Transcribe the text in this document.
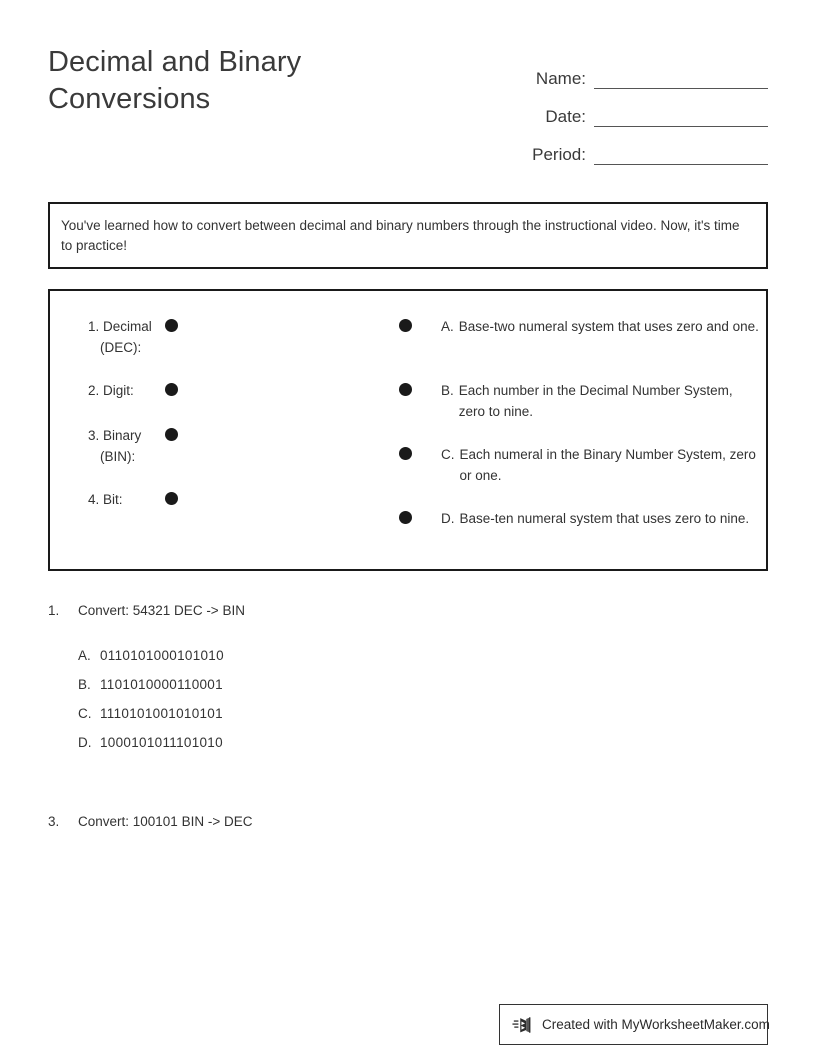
Decimal and Binary
Conversions
Name:
Date:
Period:
You've learned how to convert between decimal and binary numbers through the instructional video. Now, it's time to practice!
1. Decimal
(DEC):
2. Digit:
3. Binary
(BIN):
4. Bit:
A. Base-two numeral system that uses zero and one.
B. Each number in the Decimal Number System, zero to nine.
C. Each numeral in the Binary Number System, zero or one.
D. Base-ten numeral system that uses zero to nine.
1.	Convert: 54321 DEC -> BIN
A. 0110101000101010
B. 1101010000110001
C. 1110101001010101
D. 1000101011101010
3.	Convert: 100101 BIN -> DEC
Created with MyWorksheetMaker.com
